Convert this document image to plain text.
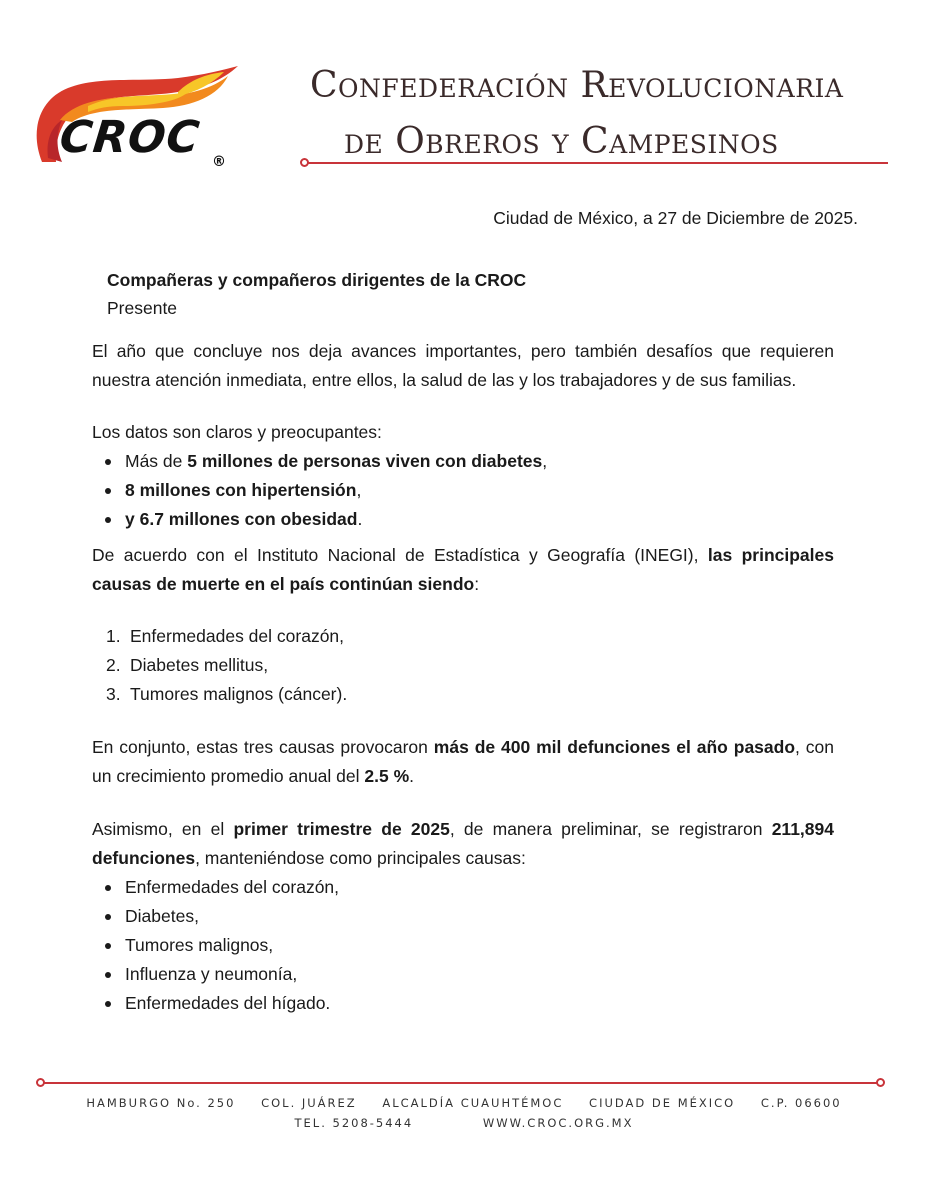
CROC ®
Confederación Revolucionaria
de Obreros y Campesinos
Ciudad de México, a 27 de Diciembre de 2025.
Compañeras y compañeros dirigentes de la CROC
Presente

El año que concluye nos deja avances importantes, pero también desafíos que requieren nuestra atención inmediata, entre ellos, la salud de las y los trabajadores y de sus familias.

Los datos son claros y preocupantes:
Más de 5 millones de personas viven con diabetes,
8 millones con hipertensión,
y 6.7 millones con obesidad.

De acuerdo con el Instituto Nacional de Estadística y Geografía (INEGI), las principales causas de muerte en el país continúan siendo:

1. Enfermedades del corazón,
2. Diabetes mellitus,
3. Tumores malignos (cáncer).

En conjunto, estas tres causas provocaron más de 400 mil defunciones el año pasado, con un crecimiento promedio anual del 2.5 %.

Asimismo, en el primer trimestre de 2025, de manera preliminar, se registraron 211,894 defunciones, manteniéndose como principales causas:

Enfermedades del corazón,
Diabetes,
Tumores malignos,
Influenza y neumonía,
Enfermedades del hígado.
HAMBURGO No. 250 COL. JUÁREZ ALCALDÍA CUAUHTÉMOC CIUDAD DE MÉXICO C.P. 06600
TEL. 5208-5444	WWW.CROC.ORG.MX
